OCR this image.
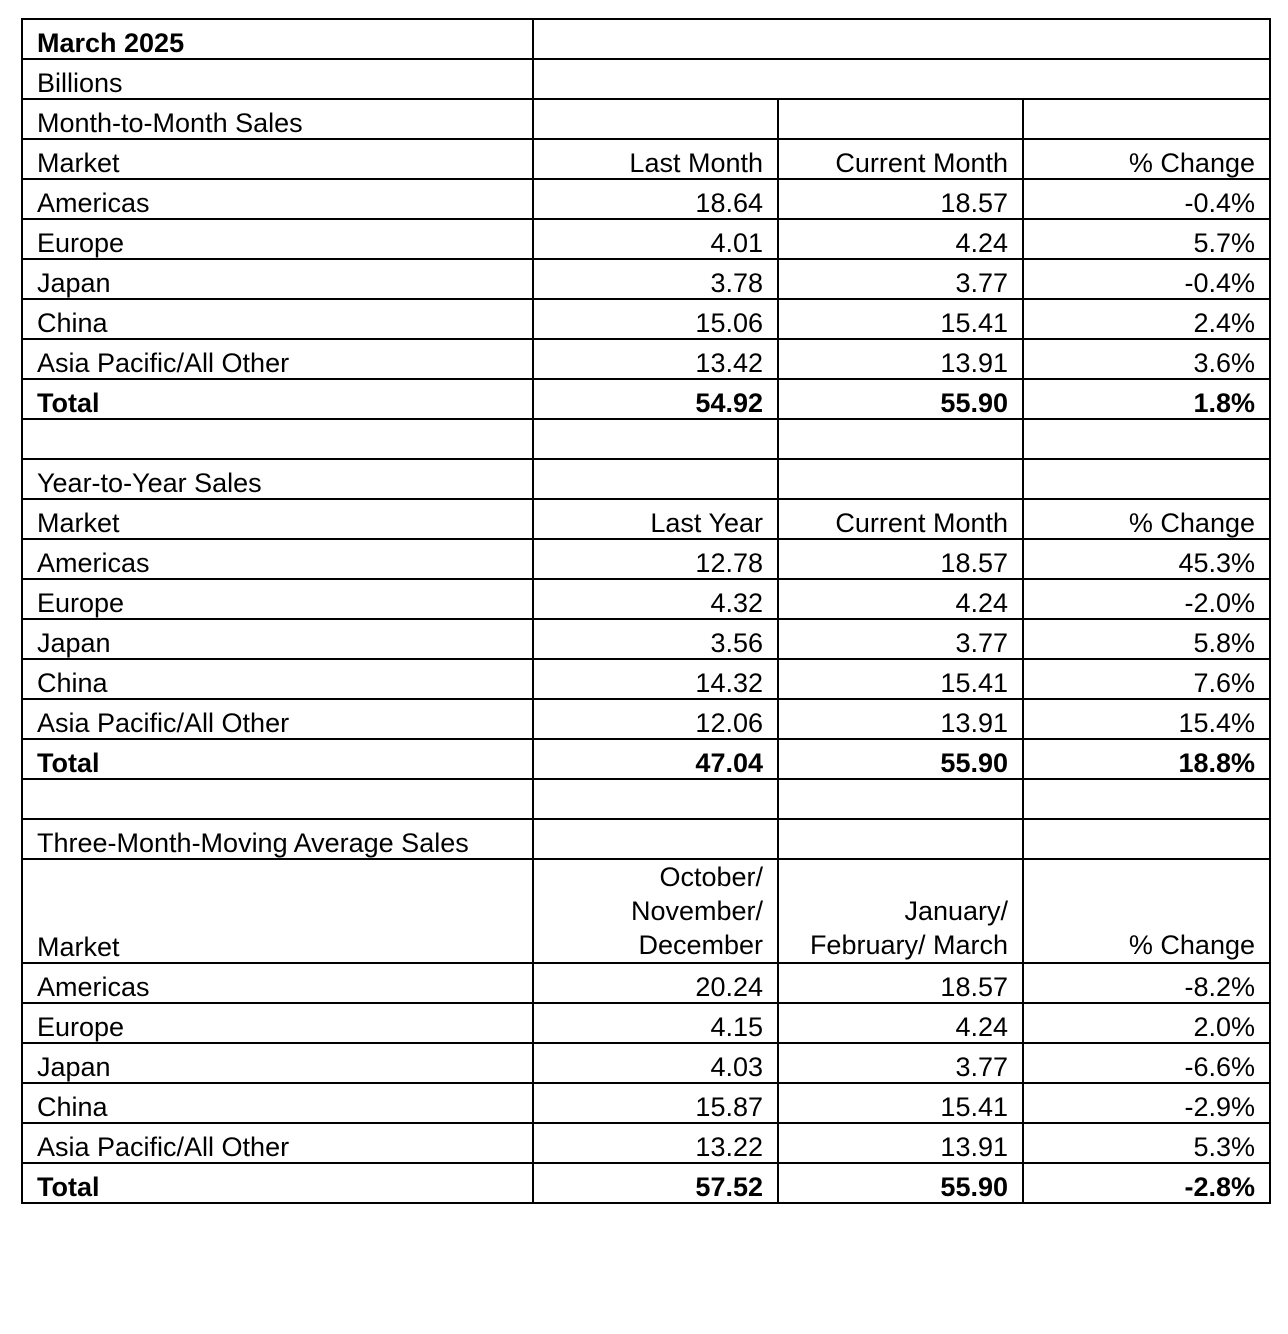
March 2025			
Billions			
Month-to-Month Sales			
Market	Last Month	Current Month	% Change
Americas	18.64	18.57	-0.4%
Europe	4.01	4.24	5.7%
Japan	3.78	3.77	-0.4%
China	15.06	15.41	2.4%
Asia Pacific/All Other	13.42	13.91	3.6%
Total	54.92	55.90	1.8%

Year-to-Year Sales			
Market	Last Year	Current Month	% Change
Americas	12.78	18.57	45.3%
Europe	4.32	4.24	-2.0%
Japan	3.56	3.77	5.8%
China	14.32	15.41	7.6%
Asia Pacific/All Other	12.06	13.91	15.4%
Total	47.04	55.90	18.8%

Three-Month-Moving Average Sales			
Market	October/ November/ December	January/ February/ March	% Change
Americas	20.24	18.57	-8.2%
Europe	4.15	4.24	2.0%
Japan	4.03	3.77	-6.6%
China	15.87	15.41	-2.9%
Asia Pacific/All Other	13.22	13.91	5.3%
Total	57.52	55.90	-2.8%
